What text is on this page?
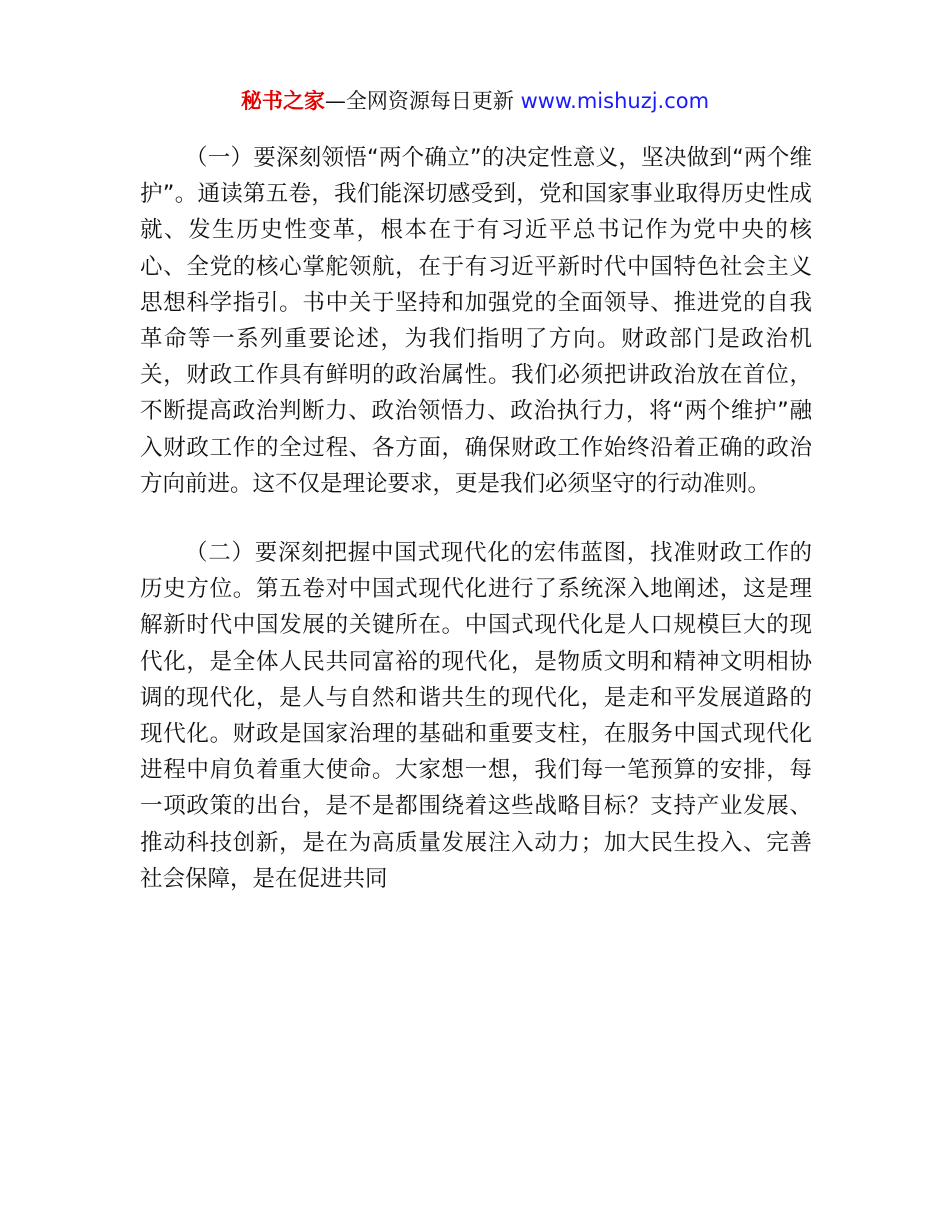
秘书之家—全网资源每日更新 www.mishuzj.com

（一）要深刻领悟“两个确立”的决定性意义，坚决做到“两个维护”。通读第五卷，我们能深切感受到，党和国家事业取得历史性成就、发生历史性变革，根本在于有习近平总书记作为党中央的核心、全党的核心掌舵领航，在于有习近平新时代中国特色社会主义思想科学指引。书中关于坚持和加强党的全面领导、推进党的自我革命等一系列重要论述，为我们指明了方向。财政部门是政治机关，财政工作具有鲜明的政治属性。我们必须把讲政治放在首位，不断提高政治判断力、政治领悟力、政治执行力，将“两个维护”融入财政工作的全过程、各方面，确保财政工作始终沿着正确的政治方向前进。这不仅是理论要求，更是我们必须坚守的行动准则。

（二）要深刻把握中国式现代化的宏伟蓝图，找准财政工作的历史方位。第五卷对中国式现代化进行了系统深入地阐述，这是理解新时代中国发展的关键所在。中国式现代化是人口规模巨大的现代化，是全体人民共同富裕的现代化，是物质文明和精神文明相协调的现代化，是人与自然和谐共生的现代化，是走和平发展道路的现代化。财政是国家治理的基础和重要支柱，在服务中国式现代化进程中肩负着重大使命。大家想一想，我们每一笔预算的安排，每一项政策的出台，是不是都围绕着这些战略目标？支持产业发展、推动科技创新，是在为高质量发展注入动力；加大民生投入、完善社会保障，是在促进共同
